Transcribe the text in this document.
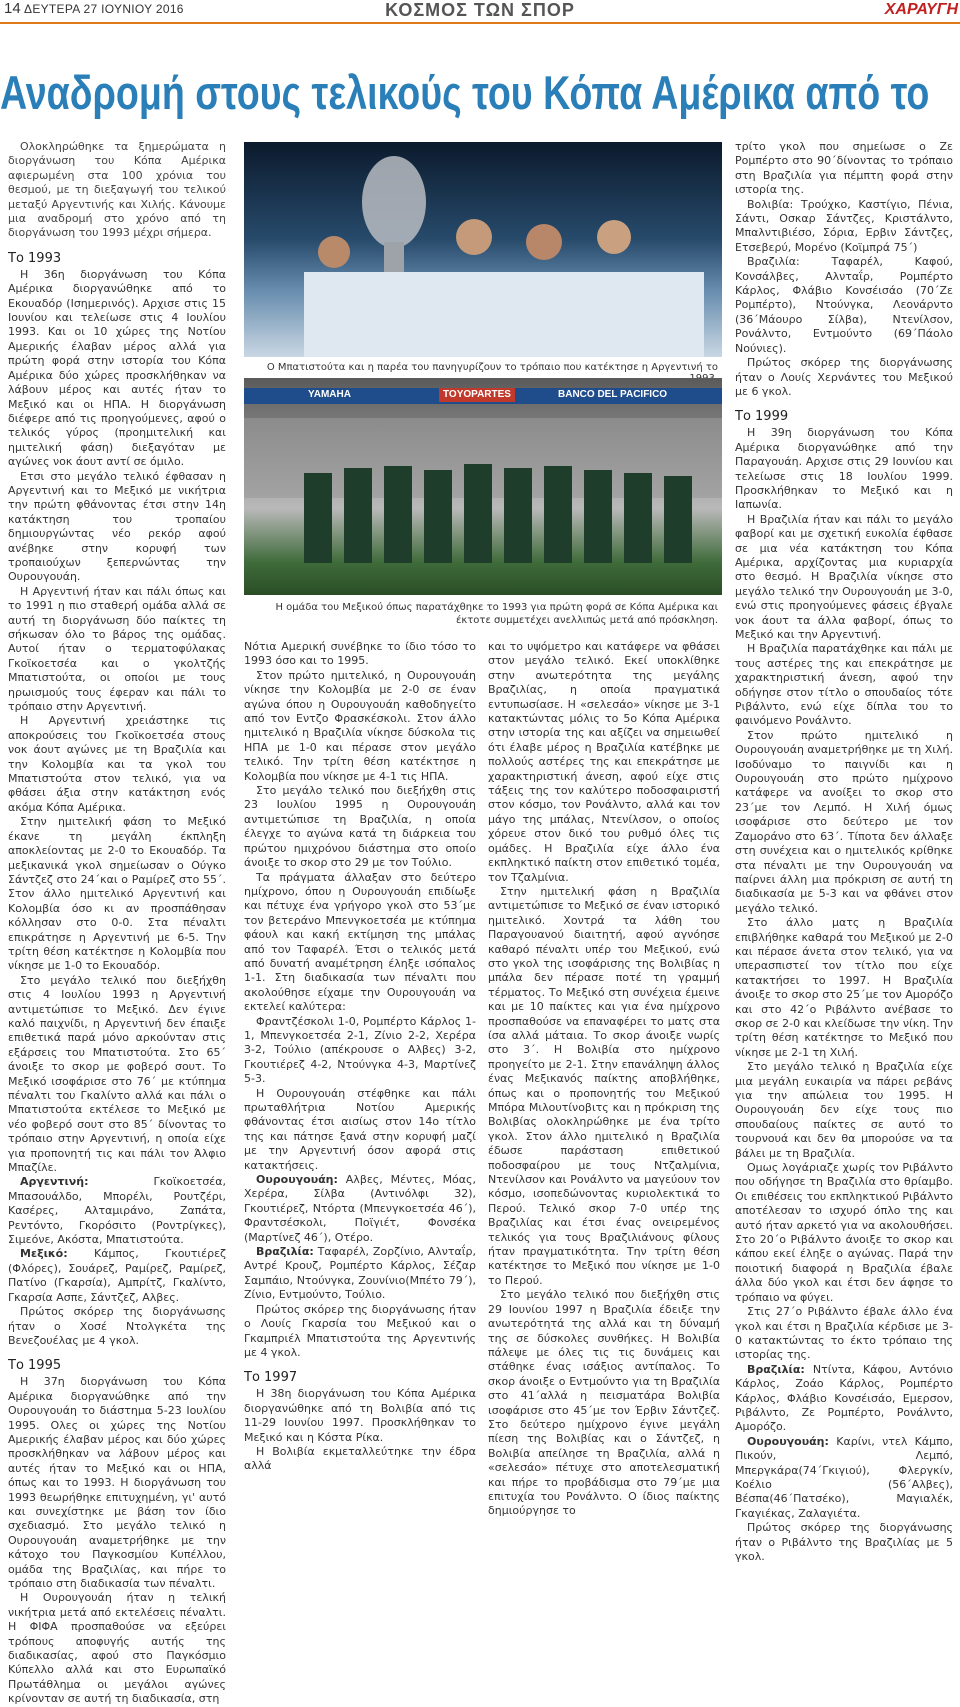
14 ΔΕΥΤΕΡΑ 27 ΙΟΥΝΙΟΥ 2016	ΚΟΣΜΟΣ ΤΩΝ ΣΠΟΡ	ΧΑΡΑΥΓΗ
Αναδρομή στους τελικούς του Κόπα Αμέρικα από το

Ολοκληρώθηκε τα ξημερώματα η διοργάνωση του Κόπα Αμέρικα αφιερωμένη στα 100 χρόνια του θεσμού, με τη διεξαγωγή του τελικού μεταξύ Αργεντινής και Χιλής. Κάνουμε μια αναδρομή στο χρόνο από τη διοργάνωση του 1993 μέχρι σήμερα.

Το 1993

Η 36η διοργάνωση του Κόπα Αμέρικα διοργανώθηκε από το Εκουαδόρ (Ισημερινός). Αρχισε στις 15 Ιουνίου και τελείωσε στις 4 Ιουλίου 1993. Και οι 10 χώρες της Νοτίου Αμερικής έλαβαν μέρος αλλά για πρώτη φορά στην ιστορία του Κόπα Αμέρικα δύο χώρες προσκλήθηκαν να λάβουν μέρος και αυτές ήταν το Μεξικό και οι ΗΠΑ. Η διοργάνωση διέφερε από τις προηγούμενες, αφού ο τελικός γύρος (προημιτελική και ημιτελική φάση) διεξαγόταν με αγώνες νοκ άουτ αντί σε όμιλο.

Ετσι στο μεγάλο τελικό έφθασαν η Αργεντινή και το Μεξικό με νικήτρια την πρώτη φθάνοντας έτσι στην 14η κατάκτηση του τροπαίου δημιουργώντας νέο ρεκόρ αφού ανέβηκε στην κορυφή των τροπαιούχων ξεπερνώντας την Ουρουγουάη.

Η Αργεντινή ήταν και πάλι όπως και το 1991 η πιο σταθερή ομάδα αλλά σε αυτή τη διοργάνωση δύο παίκτες τη σήκωσαν όλο το βάρος της ομάδας. Αυτοί ήταν ο τερματοφύλακας Γκοϊκοετσέα και ο γκολτζής Μπατιστούτα, οι οποίοι με τους ηρωισμούς τους έφεραν και πάλι το τρόπαιο στην Αργεντινή.

Η Αργεντινή χρειάστηκε τις αποκρούσεις του Γκοϊκοετσέα στους νοκ άουτ αγώνες με τη Βραζιλία και την Κολομβία και τα γκολ του Μπατιστούτα στον τελικό, για να φθάσει άξια στην κατάκτηση ενός ακόμα Κόπα Αμέρικα.

Στην ημιτελική φάση το Μεξικό έκανε τη μεγάλη έκπληξη αποκλείοντας με 2-0 το Εκουαδόρ. Τα μεξικανικά γκολ σημείωσαν ο Ούγκο Σάντζεζ στο 24΄και ο Ραμίρεζ στο 55΄. Στον άλλο ημιτελικό Αργεντινή και Κολομβία όσο κι αν προσπάθησαν κόλλησαν στο 0-0. Στα πέναλτι επικράτησε η Αργεντινή με 6-5. Την τρίτη θέση κατέκτησε η Κολομβία που νίκησε με 1-0 το Εκουαδόρ.

Στο μεγάλο τελικό που διεξήχθη στις 4 Ιουλίου 1993 η Αργεντινή αντιμετώπισε το Μεξικό. Δεν έγινε καλό παιχνίδι, η Αργεντινή δεν έπαιξε επιθετικά παρά μόνο αρκούνταν στις εξάρσεις του Μπατιστούτα. Στο 65΄ άνοιξε το σκορ με φοβερό σουτ. Το Μεξικό ισοφάρισε στο 76΄ με κτύπημα πέναλτι του Γκαλίντο αλλά και πάλι ο Μπατιστούτα εκτέλεσε το Μεξικό με νέο φοβερό σουτ στο 85΄ δίνοντας το τρόπαιο στην Αργεντινή, η οποία είχε για προπονητή τις και πάλι τον Άλφιο Μπαζίλε.

Αργεντινή:	Γκοϊκοετσέα, Μπασουάλδο, Μπορέλι, Ρουτζέρι, Κασέρες, Αλταμιράνο, Ζαπάτα, Ρεντόντο, Γκορόσιτο (Ροντρίγκες), Σιμεόνε, Ακόστα, Μπατιστούτα.

Μεξικό: Κάμπος, Γκουτιέρεζ (Φλόρες), Σουάρεζ, Ραμίρεζ, Ραμίρεζ, Πατίνο (Γκαρσία), Αμπρίτζ, Γκαλίντο, Γκαρσία Ασπε, Σάντζεζ, Αλβες.

Πρώτος σκόρερ της διοργάνωσης ήταν ο Χοσέ Ντολγκέτα της Βενεζουέλας με 4 γκολ.

Το 1995

Η 37η διοργάνωση του Κόπα Αμέρικα διοργανώθηκε από την Ουρουγουάη το διάστημα 5-23 Ιουλίου 1995. Ολες οι χώρες της Νοτίου Αμερικής έλαβαν μέρος και δύο χώρες προσκλήθηκαν να λάβουν μέρος και αυτές ήταν το Μεξικό και οι ΗΠΑ, όπως και το 1993. Η διοργάνωση του 1993 θεωρήθηκε επιτυχημένη, γι' αυτό και συνεχίστηκε με βάση τον ίδιο σχεδιασμό. Στο μεγάλο τελικό η Ουρουγουάη αναμετρήθηκε με την κάτοχο του Παγκοσμίου Κυπέλλου, ομάδα της Βραζιλίας, και πήρε το τρόπαιο στη διαδικασία των πέναλτι.

Η Ουρουγουάη ήταν η τελική νικήτρια μετά από εκτελέσεις πέναλτι. Η ΦΙΦΑ προσπαθούσε να εξεύρει τρόπους αποφυγής αυτής της διαδικασίας, αφού στο Παγκόσμιο Κύπελλο αλλά και στο Ευρωπαϊκό Πρωτάθλημα οι μεγάλοι αγώνες κρίνονταν σε αυτή τη διαδικασία, στη

Ο Μπατιστούτα και η παρέα του πανηγυρίζουν το τρόπαιο που κατέκτησε η Αργεντινή το
YAMAHA	TOYOPARTES	BANCO DEL PACIFICO
Η ομάδα του Μεξικού όπως παρατάχθηκε το 1993 για πρώτη φορά σε Κόπα Αμέρικα και έκτοτε συμμετέχει ανελλιπώς μετά από πρόσκληση.

Νότια Αμερική συνέβηκε το ίδιο τόσο το 1993 όσο και το 1995.

Στον πρώτο ημιτελικό, η Ουρουγουάη νίκησε την Κολομβία με 2-0 σε έναν αγώνα όπου η Ουρουγουάη καθοδηγείτο από τον Εντζο Φρασκέσκολι. Στον άλλο ημιτελικό η Βραζιλία νίκησε δύσκολα τις ΗΠΑ με 1-0 και πέρασε στον μεγάλο τελικό. Την τρίτη θέση κατέκτησε η Κολομβία που νίκησε με 4-1 τις ΗΠΑ.

Στο μεγάλο τελικό που διεξήχθη στις 23 Ιουλίου 1995 η Ουρουγουάη αντιμετώπισε τη Βραζιλία, η οποία έλεγχε το αγώνα κατά τη διάρκεια του πρώτου ημιχρόνου διάστημα στο οποίο άνοιξε το σκορ στο 29 με τον Τούλιο.

Τα πράγματα άλλαξαν στο δεύτερο ημίχρονο, όπου η Ουρουγουάη επιδίωξε και πέτυχε ένα γρήγορο γκολ στο 53΄με τον βετεράνο Μπενγκοετσέα με κτύπημα φάουλ και κακή εκτίμηση της μπάλας από τον Ταφαρέλ. Έτσι ο τελικός μετά από δυνατή αναμέτρηση έληξε ισόπαλος 1-1. Στη διαδικασία των πέναλτι που ακολούθησε είχαμε την Ουρουγουάη να εκτελεί καλύτερα:

Φραντζέσκολι 1-0, Ρομπέρτο Κάρλος 1-1, Μπενγκοετσέα 2-1, Ζίνιο 2-2, Χερέρα 3-2, Τούλιο (απέκρουσε ο Αλβες) 3-2, Γκουτιέρεζ 4-2, Ντούνγκα 4-3, Μαρτίνεζ 5-3.

Η Ουρουγουάη στέφθηκε και πάλι πρωταθλήτρια Νοτίου Αμερικής φθάνοντας έτσι αισίως στον 14ο τίτλο της και πάτησε ξανά στην κορυφή μαζί με την Αργεντινή όσον αφορά στις κατακτήσεις.

Ουρουγουάη: Αλβες, Μέντες, Μόας, Χερέρα, Σίλβα (Αντινόλφι 32), Γκουτιέρεζ, Ντόρτα (Μπενγκοετσέα 46΄), Φραντσέσκολι, Ποϊγιέτ, Φονσέκα (Μαρτίνεζ 46΄), Οτέρο.

Βραζιλία: Ταφαρέλ, Ζορζίνιο, Αλνταΐρ, Αντρέ Κρουζ, Ρομπέρτο Κάρλος, Σέζαρ Σαμπάιο, Ντούνγκα, Ζουνίνιο(Μπέτο 79΄), Ζίνιο, Εντμούντο, Τούλιο.

Πρώτος σκόρερ της διοργάνωσης ήταν ο Λουίς Γκαρσία του Μεξικού και ο Γκαμπριέλ Μπατιστούτα της Αργεντινής με 4 γκολ.

Το 1997

Η 38η διοργάνωση του Κόπα Αμέρικα διοργανώθηκε από τη Βολιβία από τις 11-29 Ιουνίου 1997. Προσκλήθηκαν το Μεξικό και η Κόστα Ρίκα.

Η Βολιβία εκμεταλλεύτηκε την έδρα αλλά

και το υψόμετρο και κατάφερε να φθάσει στον μεγάλο τελικό. Εκεί υποκλίθηκε στην ανωτερότητα της μεγάλης Βραζιλίας, η οποία πραγματικά εντυπωσίασε. Η «σελεσάο» νίκησε με 3-1 κατακτώντας μόλις το 5ο Κόπα Αμέρικα στην ιστορία της και αξίζει να σημειωθεί ότι έλαβε μέρος η Βραζιλία κατέβηκε με πολλούς αστέρες της και επεκράτησε με χαρακτηριστική άνεση, αφού είχε στις τάξεις της τον καλύτερο ποδοσφαιριστή στον κόσμο, τον Ρονάλντο, αλλά και τον μάγο της μπάλας, Ντενίλσον, ο οποίος χόρευε στον δικό του ρυθμό όλες τις ομάδες. Η Βραζιλία είχε άλλο ένα εκπληκτικό παίκτη στον επιθετικό τομέα, τον Τζαλμίνια.

Στην ημιτελική φάση η Βραζιλία αντιμετώπισε το Μεξικό σε έναν ιστορικό ημιτελικό. Χοντρά τα λάθη του Παραγουανού διαιτητή, αφού αγνόησε καθαρό πέναλτι υπέρ του Μεξικού, ενώ στο γκολ της ισοφάρισης της Βολιβίας η μπάλα δεν πέρασε ποτέ τη γραμμή τέρματος. Το Μεξικό στη συνέχεια έμεινε και με 10 παίκτες και για ένα ημίχρονο προσπαθούσε να επαναφέρει το ματς στα ίσα αλλά μάταια. Το σκορ άνοιξε νωρίς στο 3΄. Η Βολιβία στο ημίχρονο προηγείτο με 2-1. Στην επανάληψη άλλος ένας Μεξικανός παίκτης αποβλήθηκε, όπως και ο προπονητής του Μεξικού Μπόρα Μιλουτίνοβιτς και η πρόκριση της Βολιβίας ολοκληρώθηκε με ένα τρίτο γκολ. Στον άλλο ημιτελικό η Βραζιλία έδωσε παράσταση επιθετικού ποδοσφαίρου με τους Ντζαλμίνια, Ντενίλσον και Ρονάλντο να μαγεύουν τον κόσμο, ισοπεδώνοντας κυριολεκτικά το Περού. Τελικό σκορ 7-0 υπέρ της Βραζιλίας και έτσι ένας ονειρεμένος τελικός για τους Βραζιλιάνους φίλους ήταν πραγματικότητα. Την τρίτη θέση κατέκτησε το Μεξικό που νίκησε με 1-0 το Περού.

Στο μεγάλο τελικό που διεξήχθη στις 29 Ιουνίου 1997 η Βραζιλία έδειξε την ανωτερότητά της αλλά και τη δύναμή της σε δύσκολες συνθήκες. Η Βολιβία πάλεψε με όλες τις τις δυνάμεις και στάθηκε ένας ισάξιος αντίπαλος. Το σκορ άνοιξε ο Εντμούντο για τη Βραζιλία στο 41΄αλλά η πεισματάρα Βολιβία ισοφάρισε στο 45΄με τον Έρβιν Σάντζεζ. Στο δεύτερο ημίχρονο έγινε μεγάλη πίεση της Βολιβίας και ο Σάντζεζ, η Βολιβία απείλησε τη Βραζιλία, αλλά η «σελεσάο» πέτυχε στο αποτελεσματική και πήρε το προβάδισμα στο 79΄με μια επιτυχία του Ρονάλντο. Ο ίδιος παίκτης δημιούργησε το

τρίτο γκολ που σημείωσε ο Ζε Ρομπέρτο στο 90΄δίνοντας το τρόπαιο στη Βραζιλία για πέμπτη φορά στην ιστορία της.

Βολιβία: Τρούχκο, Καστίγιο, Πένια, Σάντι, Οσκαρ Σάντζες, Κριστάλντο, Μπαλντιβιέσο, Σόρια, Ερβιν Σάντζες, Ετσεβερύ, Μορένο (Κοϊμπρά 75΄)

Βραζιλία:	Ταφαρέλ, Καφού, Κονσάλβες, Αλνταΐρ, Ρομπέρτο Κάρλος, Φλάβιο Κονσέισάο (70΄Ζε Ρομπέρτο), Ντούνγκα, Λεονάρντο (36΄Μάουρο Σίλβα), Ντενίλσον, Ρονάλντο, Εντμούντο (69΄Πάολο Νούνιες).

Πρώτος σκόρερ της διοργάνωσης ήταν ο Λουίς Χερνάντες του Μεξικού με 6 γκολ.

Το 1999

Η 39η διοργάνωση του Κόπα Αμέρικα διοργανώθηκε από την Παραγουάη. Αρχισε στις 29 Ιουνίου και τελείωσε στις 18 Ιουλίου 1999. Προσκλήθηκαν το Μεξικό και η Ιαπωνία.

Η Βραζιλία ήταν και πάλι το μεγάλο φαβορί και με σχετική ευκολία έφθασε σε μια νέα κατάκτηση του Κόπα Αμέρικα, αρχίζοντας μια κυριαρχία στο θεσμό. Η Βραζιλία νίκησε στο μεγάλο τελικό την Ουρουγουάη με 3-0, ενώ στις προηγούμενες φάσεις έβγαλε νοκ άουτ τα άλλα φαβορί, όπως το Μεξικό και την Αργεντινή.

Η Βραζιλία παρατάχθηκε και πάλι με τους αστέρες της και επεκράτησε με χαρακτηριστική άνεση, αφού την οδήγησε στον τίτλο ο σπουδαίος τότε Ριβάλντο, ενώ είχε δίπλα του το φαινόμενο Ρονάλντο.

Στον πρώτο ημιτελικό η Ουρουγουάη αναμετρήθηκε με τη Χιλή. Ισοδύναμο το παιγνίδι και η Ουρουγουάη στο πρώτο ημίχρονο κατάφερε να ανοίξει το σκορ στο 23΄με τον Λεμπό. Η Χιλή όμως ισοφάρισε στο δεύτερο με τον Ζαμοράνο στο 63΄. Τίποτα δεν άλλαξε στη συνέχεια και ο ημιτελικός κρίθηκε στα πέναλτι με την Ουρουγουάη να παίρνει άλλη μια πρόκριση σε αυτή τη διαδικασία με 5-3 και να φθάνει στον μεγάλο τελικό.

Στο άλλο ματς η Βραζιλία επιβλήθηκε καθαρά του Μεξικού με 2-0 και πέρασε άνετα στον τελικό, για να υπερασπιστεί τον τίτλο που είχε κατακτήσει το 1997. Η Βραζιλία άνοιξε το σκορ στο 25΄με τον Αμορόζο και στο 42΄ο Ριβάλντο ανέβασε το σκορ σε 2-0 και κλείδωσε την νίκη. Την τρίτη θέση κατέκτησε το Μεξικό που νίκησε με 2-1 τη Χιλή.

Στο μεγάλο τελικό η Βραζιλία είχε μια μεγάλη ευκαιρία να πάρει ρεβάνς για την απώλεια του 1995. Η Ουρουγουάη δεν είχε τους πιο σπουδαίους παίκτες σε αυτό το τουρνουά και δεν θα μπορούσε να τα βάλει με τη Βραζιλία.

Ομως λογάριαζε χωρίς τον Ριβάλντο που οδήγησε τη Βραζιλία στο θρίαμβο. Οι επιθέσεις του εκπληκτικού Ριβάλντο αποτέλεσαν το ισχυρό όπλο της και αυτό ήταν αρκετό για να ακολουθήσει. Στο 20΄ο Ριβάλντο άνοιξε το σκορ και κάπου εκεί έληξε ο αγώνας. Παρά την ποιοτική διαφορά η Βραζιλία έβαλε άλλα δύο γκολ και έτσι δεν άφησε το τρόπαιο να φύγει.

Στις 27΄ο Ριβάλντο έβαλε άλλο ένα γκολ και έτσι η Βραζιλία κέρδισε με 3-0 κατακτώντας το έκτο τρόπαιο της ιστορίας της.

Βραζιλία: Ντίντα, Κάφου, Αντόνιο Κάρλος, Ζοάο Κάρλος, Ρομπέρτο Κάρλος, Φλάβιο Κονσέισάο, Εμερσον, Ριβάλντο, Ζε Ρομπέρτο, Ρονάλντο, Αμορόζο.

Ουρουγουάη: Καρίνι, ντελ Κάμπο, Πικούν, Λεμπό, Μπεργκάρα(74΄Γκιγιού), Φλεργκίν, Κοέλιο (56΄Αλβες), Βέσπα(46΄Πατσέκο), Μαγιαλέκ, Γκαγιέκας, Ζαλαγιέτα.

Πρώτος σκόρερ της διοργάνωσης ήταν ο Ριβάλντο της Βραζιλίας με 5 γκολ.
